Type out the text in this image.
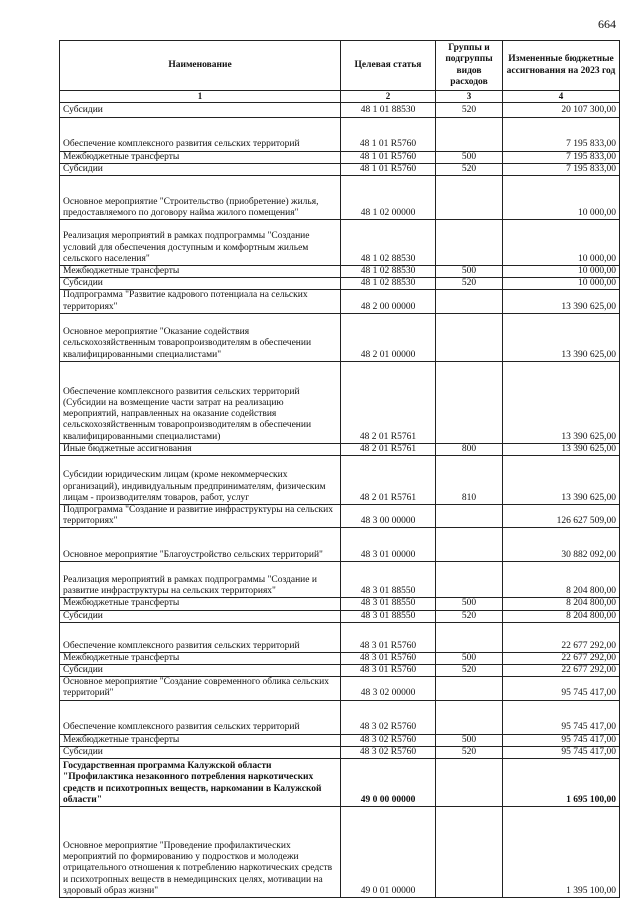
664
Наименование	Целевая статья	Группы и подгруппы видов расходов	Измененные бюджетные ассигнования на 2023 год
1	2	3	4
Субсидии	48 1 01 88530	520	20 107 300,00
Обеспечение комплексного развития сельских территорий	48 1 01 R5760		7 195 833,00
Межбюджетные трансферты	48 1 01 R5760	500	7 195 833,00
Субсидии	48 1 01 R5760	520	7 195 833,00
Основное мероприятие "Строительство (приобретение) жилья, предоставляемого по договору найма жилого помещения"	48 1 02 00000		10 000,00
Реализация мероприятий в рамках подпрограммы "Создание условий для обеспечения доступным и комфортным жильем сельского населения"	48 1 02 88530		10 000,00
Межбюджетные трансферты	48 1 02 88530	500	10 000,00
Субсидии	48 1 02 88530	520	10 000,00
Подпрограмма "Развитие кадрового потенциала на сельских территориях"	48 2 00 00000		13 390 625,00
Основное мероприятие "Оказание содействия сельскохозяйственным товаропроизводителям в обеспечении квалифицированными специалистами"	48 2 01 00000		13 390 625,00
Обеспечение комплексного развития сельских территорий (Субсидии на возмещение части затрат на реализацию мероприятий, направленных на оказание содействия сельскохозяйственным товаропроизводителям в обеспечении квалифицированными специалистами)	48 2 01 R5761		13 390 625,00
Иные бюджетные ассигнования	48 2 01 R5761	800	13 390 625,00
Субсидии юридическим лицам (кроме некоммерческих организаций), индивидуальным предпринимателям, физическим лицам - производителям товаров, работ, услуг	48 2 01 R5761	810	13 390 625,00
Подпрограмма "Создание и развитие инфраструктуры на сельских территориях"	48 3 00 00000		126 627 509,00
Основное мероприятие "Благоустройство сельских территорий"	48 3 01 00000		30 882 092,00
Реализация мероприятий в рамках подпрограммы "Создание и развитие инфраструктуры на сельских территориях"	48 3 01 88550		8 204 800,00
Межбюджетные трансферты	48 3 01 88550	500	8 204 800,00
Субсидии	48 3 01 88550	520	8 204 800,00
Обеспечение комплексного развития сельских территорий	48 3 01 R5760		22 677 292,00
Межбюджетные трансферты	48 3 01 R5760	500	22 677 292,00
Субсидии	48 3 01 R5760	520	22 677 292,00
Основное мероприятие "Создание современного облика сельских территорий"	48 3 02 00000		95 745 417,00
Обеспечение комплексного развития сельских территорий	48 3 02 R5760		95 745 417,00
Межбюджетные трансферты	48 3 02 R5760	500	95 745 417,00
Субсидии	48 3 02 R5760	520	95 745 417,00
Государственная программа Калужской области "Профилактика незаконного потребления наркотических средств и психотропных веществ, наркомании в Калужской области"	49 0 00 00000		1 695 100,00
Основное мероприятие "Проведение профилактических мероприятий по формированию у подростков и молодежи отрицательного отношения к потреблению наркотических средств и психотропных веществ в немедицинских целях, мотивации на здоровый образ жизни"	49 0 01 00000		1 395 100,00
